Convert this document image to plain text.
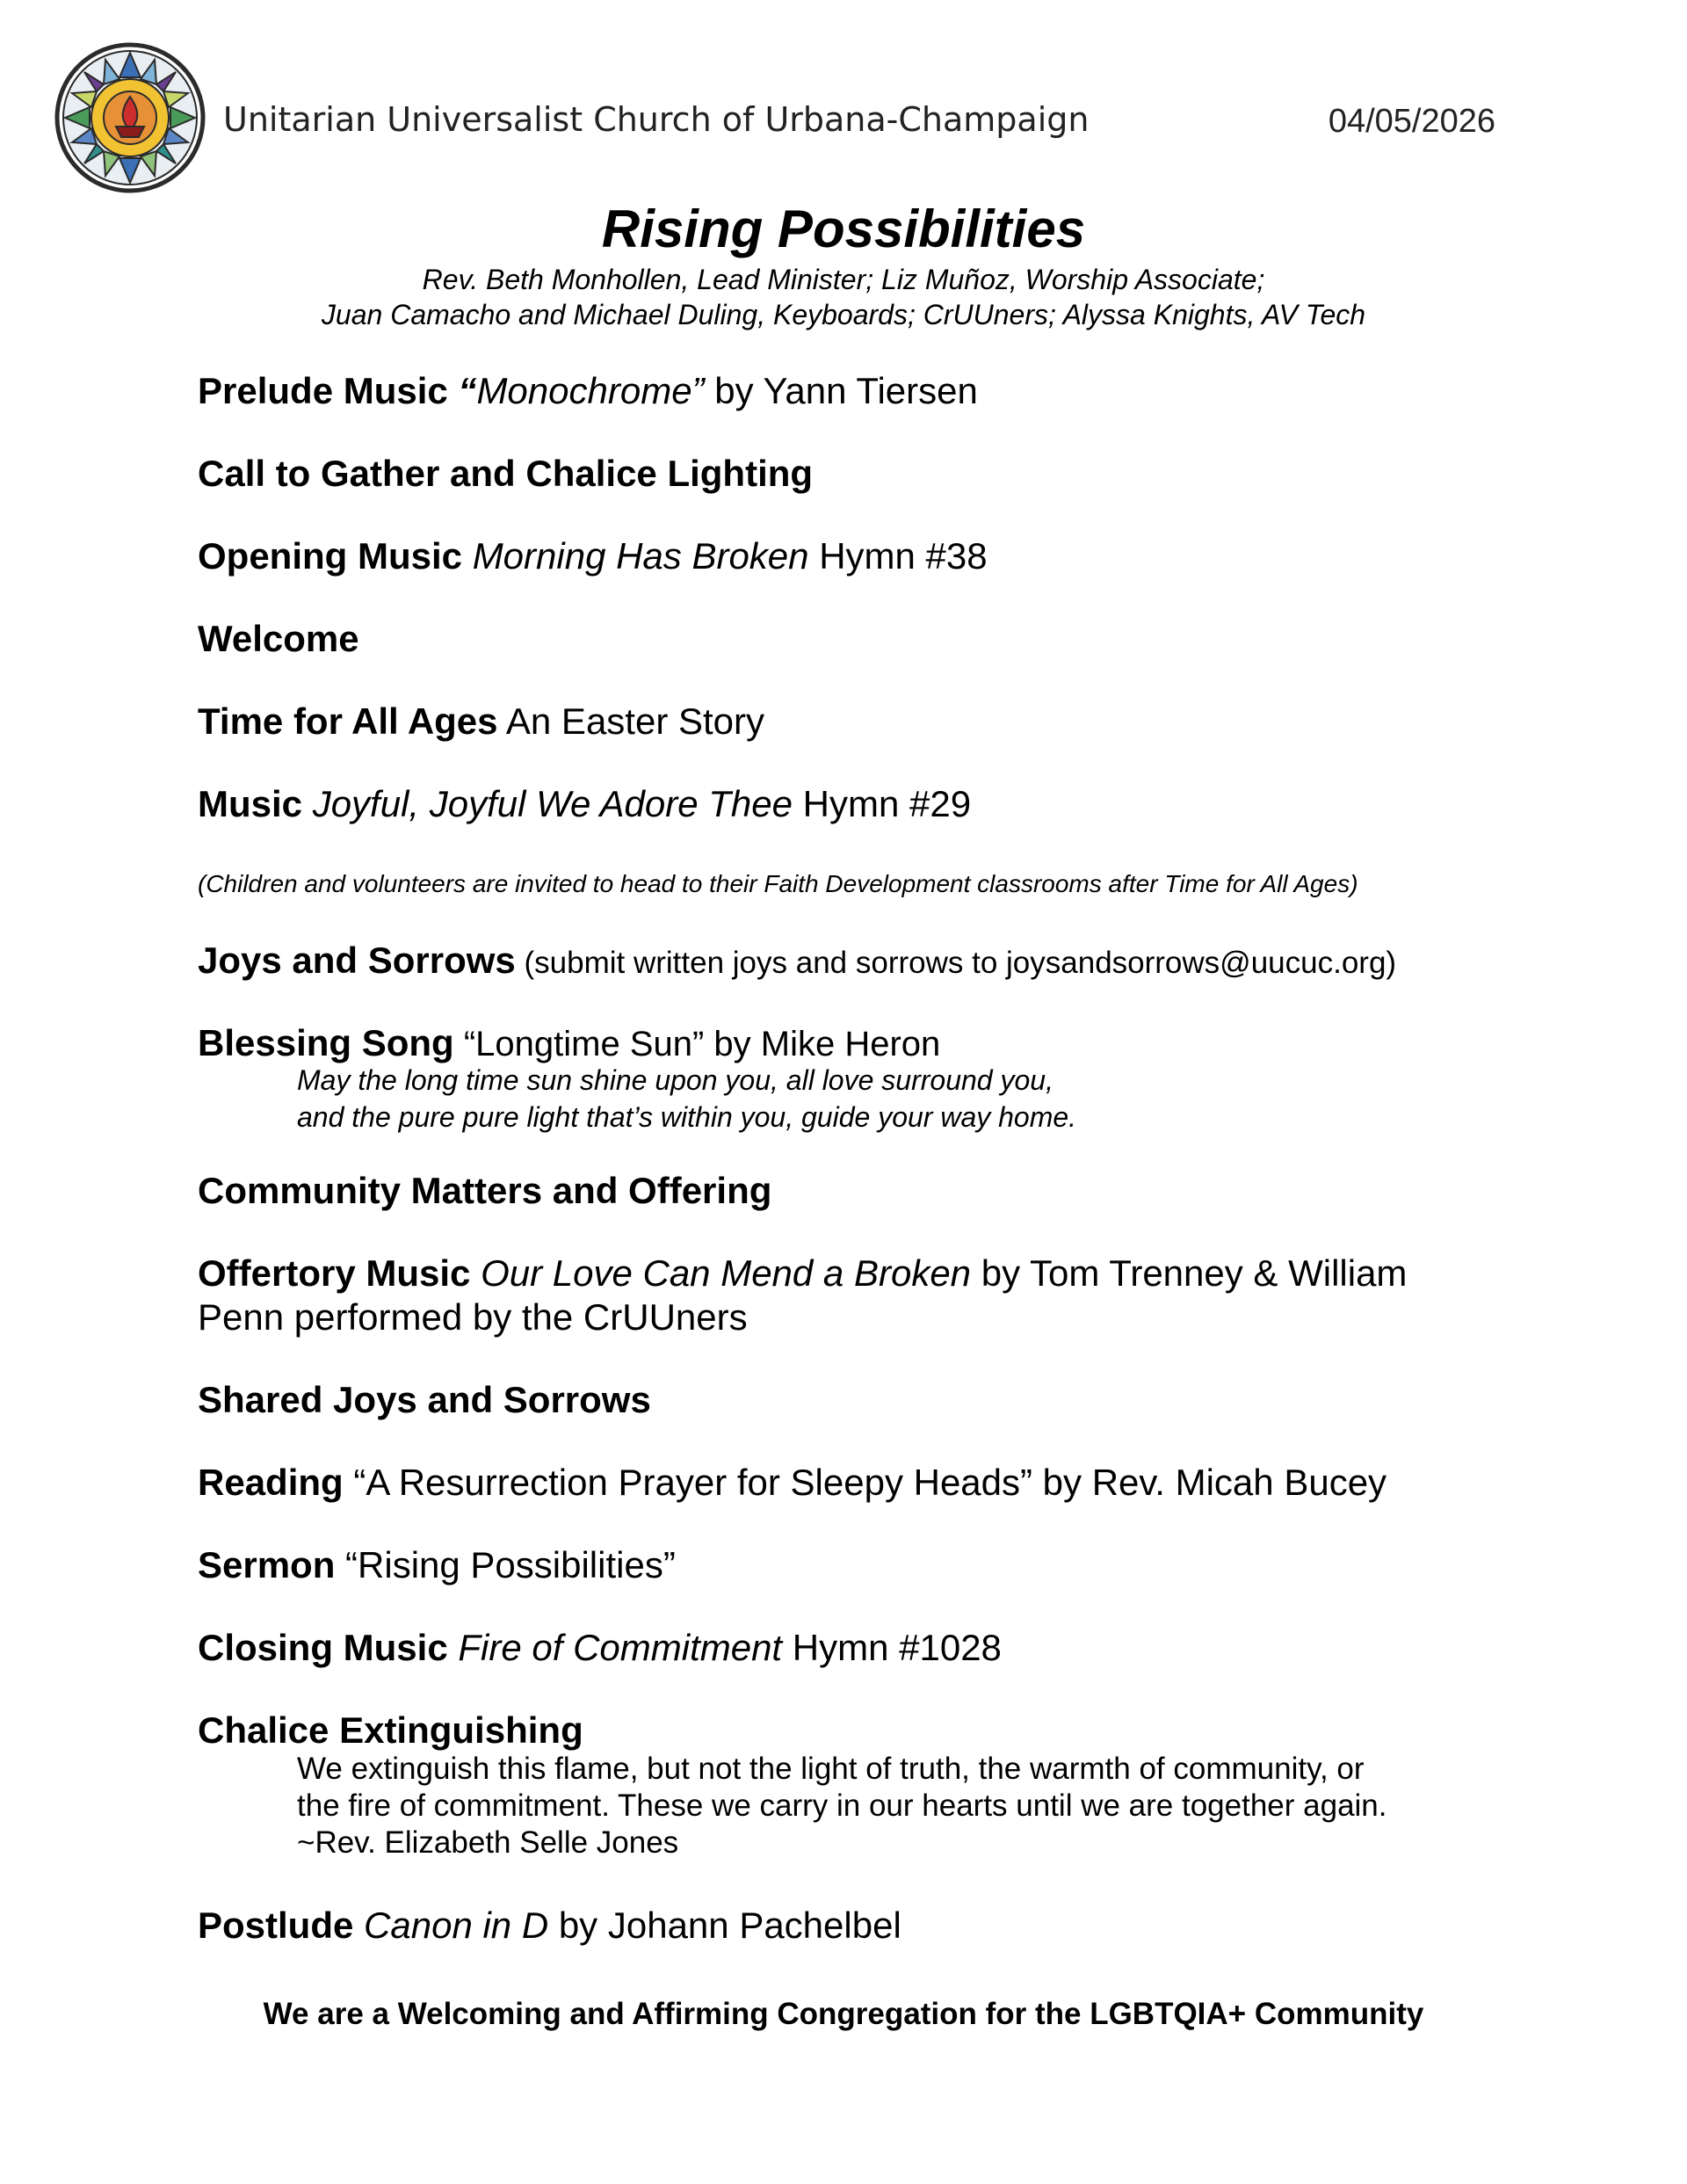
Unitarian Universalist Church of Urbana-Champaign	04/05/2026
Rising Possibilities
Rev. Beth Monhollen, Lead Minister; Liz Muñoz, Worship Associate;
Juan Camacho and Michael Duling, Keyboards; CrUUners; Alyssa Knights, AV Tech
Prelude Music “Monochrome” by Yann Tiersen
Call to Gather and Chalice Lighting
Opening Music Morning Has Broken Hymn #38
Welcome
Time for All Ages An Easter Story
Music Joyful, Joyful We Adore Thee Hymn #29
(Children and volunteers are invited to head to their Faith Development classrooms after Time for All Ages)
Joys and Sorrows (submit written joys and sorrows to joysandsorrows@uucuc.org)
Blessing Song “Longtime Sun” by Mike Heron
May the long time sun shine upon you, all love surround you,
and the pure pure light that’s within you, guide your way home.
Community Matters and Offering
Offertory Music Our Love Can Mend a Broken by Tom Trenney & William
Penn performed by the CrUUners
Shared Joys and Sorrows
Reading “A Resurrection Prayer for Sleepy Heads” by Rev. Micah Bucey
Sermon “Rising Possibilities”
Closing Music Fire of Commitment Hymn #1028
Chalice Extinguishing
We extinguish this flame, but not the light of truth, the warmth of community, or
the fire of commitment. These we carry in our hearts until we are together again.
~Rev. Elizabeth Selle Jones
Postlude Canon in D by Johann Pachelbel
We are a Welcoming and Affirming Congregation for the LGBTQIA+ Community
